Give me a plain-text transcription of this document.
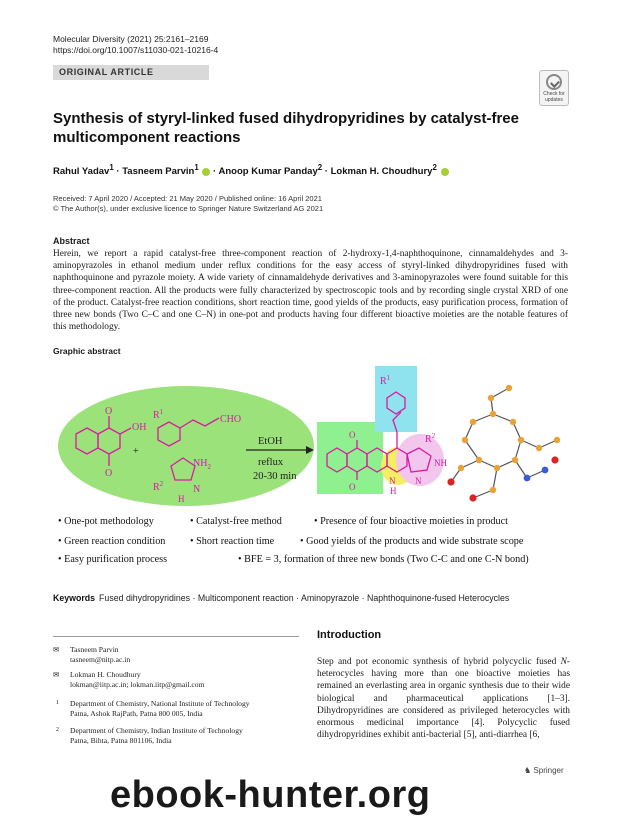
Molecular Diversity (2021) 25:2161–2169
https://doi.org/10.1007/s11030-021-10216-4
ORIGINAL ARTICLE
Check for
updates
Synthesis of styryl-linked fused dihydropyridines by catalyst-free multicomponent reactions
Rahul Yadav$^1$ · Tasneem Parvin$^1$  · Anoop Kumar Panday$^2$ · Lokman H. Choudhury$^2$
Received: 7 April 2020 / Accepted: 21 May 2020 / Published online: 16 April 2021
© The Author(s), under exclusive licence to Springer Nature Switzerland AG 2021
Abstract
Herein, we report a rapid catalyst-free three-component reaction of 2-hydroxy-1,4-naphthoquinone, cinnamaldehydes and 3-aminopyrazoles in ethanol medium under reflux conditions for the easy access of styryl-linked dihydropyridines fused with naphthoquinone and pyrazole moiety. A wide variety of cinnamaldehyde derivatives and 3-aminopyrazoles were found suitable for this three-component reaction. All the products were fully characterized by spectroscopic tools and by recording single crystal XRD of one of the product. Catalyst-free reaction conditions, short reaction time, good yields of the products, easy purification process, formation of three new bonds (Two C–C and one C–N) in one-pot and products having four different bioactive moieties are the notable features of this methodology.
Graphic abstract
O
O
OH
$R^1$
CHO
+
$NH_2$
$R^2$	N
H
EtOH
reflux
20-30 min
O
O
$R^1$
$R^2$
NH
N
N
H
• One-pot methodology	• Catalyst-free method	• Presence of four bioactive moieties in product
• Green reaction condition • Short reaction time	• Good yields of the products and wide substrate scope
• Easy purification process	• BFE = 3, formation of three new bonds (Two C-C and one C-N bond)
Keywords Fused dihydropyridines · Multicomponent reaction · Aminopyrazole · Naphthoquinone-fused Heterocycles
✉ Tasneem Parvin
tasneem@nitp.ac.in
✉ Lokman H. Choudhury
lokman@iitp.ac.in; lokman.iitp@gmail.com
1 Department of Chemistry, National Institute of Technology
Patna, Ashok RajPath, Patna 800 005, India
2 Department of Chemistry, Indian Institute of Technology
Patna, Bihta, Patna 801106, India
Introduction
Step and pot economic synthesis of hybrid polycyclic fused N-heterocycles having more than one bioactive moieties has remained an everlasting area in organic synthesis due to their wide biological and pharmaceutical applications [1–3]. Dihydropyridines are considered as privileged heterocycles with enormous medicinal importance [4]. Polycyclic fused dihydropyridines exhibit anti-bacterial [5], anti-diarrhea [6,
♞ Springer
ebook-hunter.org
